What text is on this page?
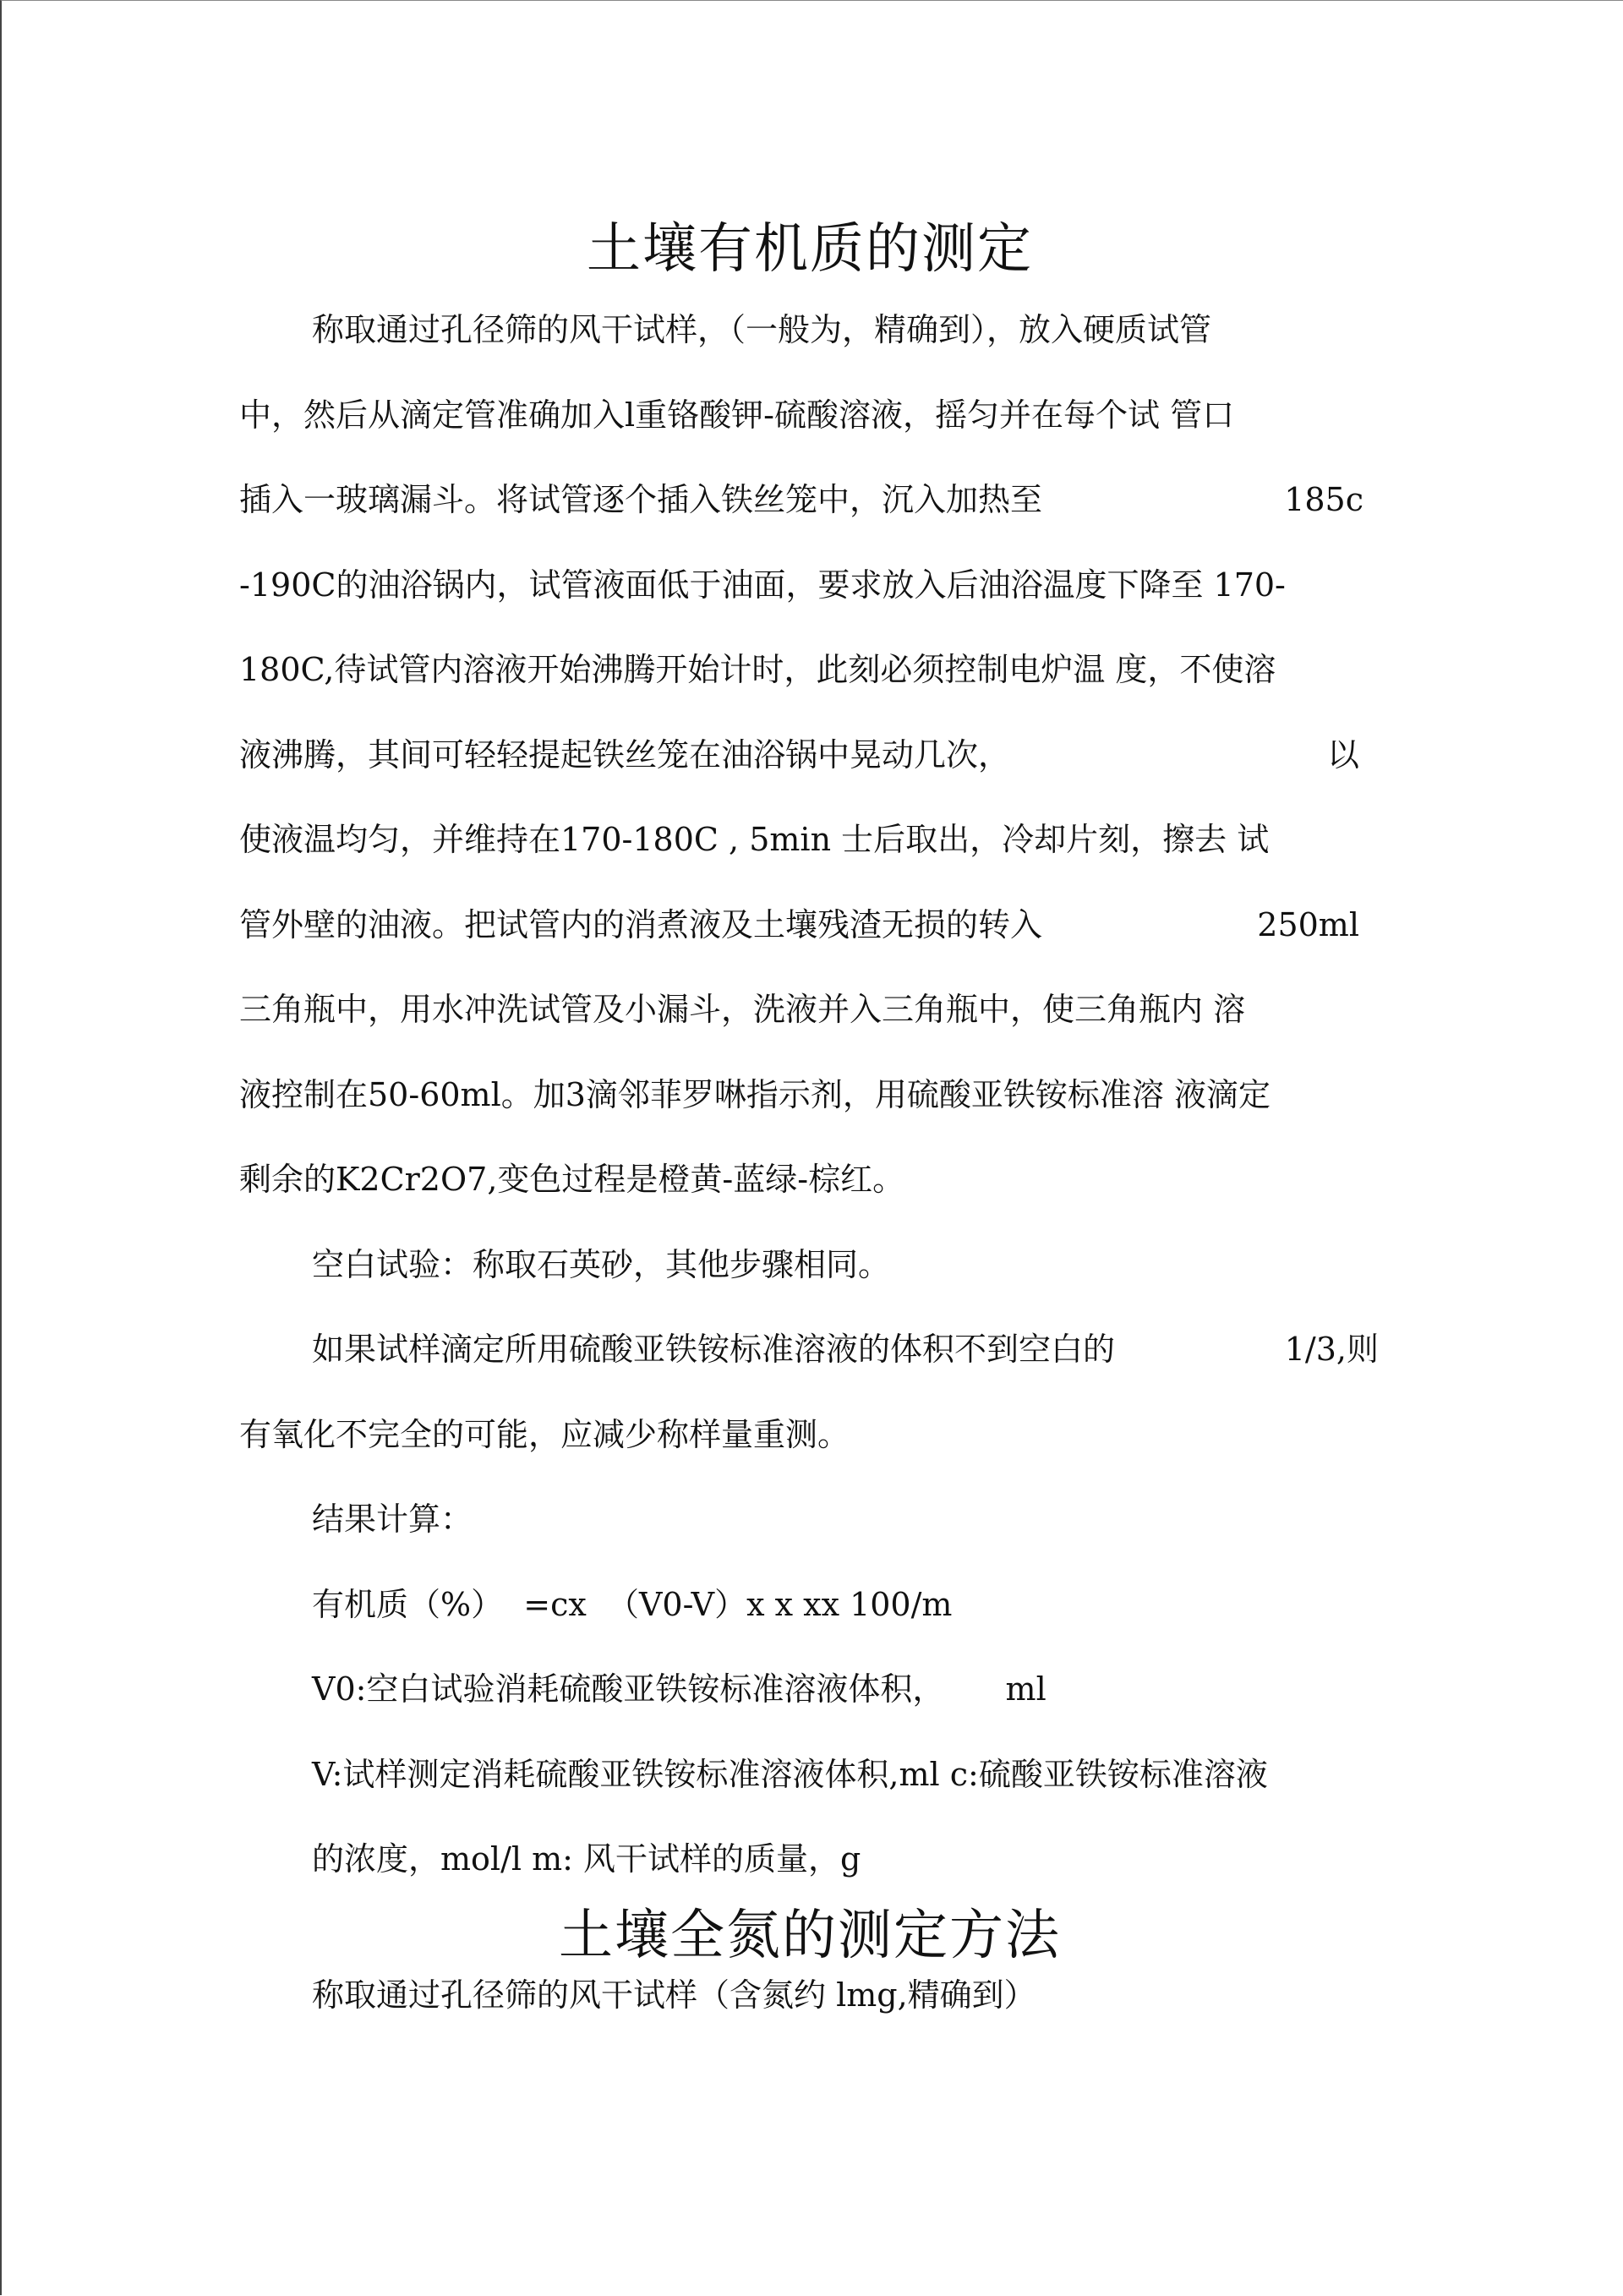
土壤有机质的测定
称取通过孔径筛的风干试样，（一般为，精确到），放入硬质试管
中，然后从滴定管准确加入l重铬酸钾-硫酸溶液，摇匀并在每个试 管口
插入一玻璃漏斗。将试管逐个插入铁丝笼中，沉入加热至	185c
-190C的油浴锅内，试管液面低于油面，要求放入后油浴温度下降至 170-
180C,待试管内溶液开始沸腾开始计时，此刻必须控制电炉温 度，不使溶
液沸腾，其间可轻轻提起铁丝笼在油浴锅中晃动几次，	以
使液温均匀，并维持在170-180C , 5min 士后取出，冷却片刻，擦去 试
管外壁的油液。把试管内的消煮液及土壤残渣无损的转入	250ml
三角瓶中，用水冲洗试管及小漏斗，洗液并入三角瓶中，使三角瓶内 溶
液控制在50-60ml。加3滴邻菲罗啉指示剂，用硫酸亚铁铵标准溶 液滴定
剩余的K2Cr2O7,变色过程是橙黄-蓝绿-棕红。
空白试验：称取石英砂，其他步骤相同。
如果试样滴定所用硫酸亚铁铵标准溶液的体积不到空白的	1/3,则
有氧化不完全的可能，应减少称样量重测。
结果计算：
有机质（%）  =cx  （V0-V）x x xx 100/m
V0:空白试验消耗硫酸亚铁铵标准溶液体积， ml
V:试样测定消耗硫酸亚铁铵标准溶液体积,ml c:硫酸亚铁铵标准溶液
的浓度，mol/l m: 风干试样的质量，g
土壤全氮的测定方法
称取通过孔径筛的风干试样（含氮约 lmg,精确到）
